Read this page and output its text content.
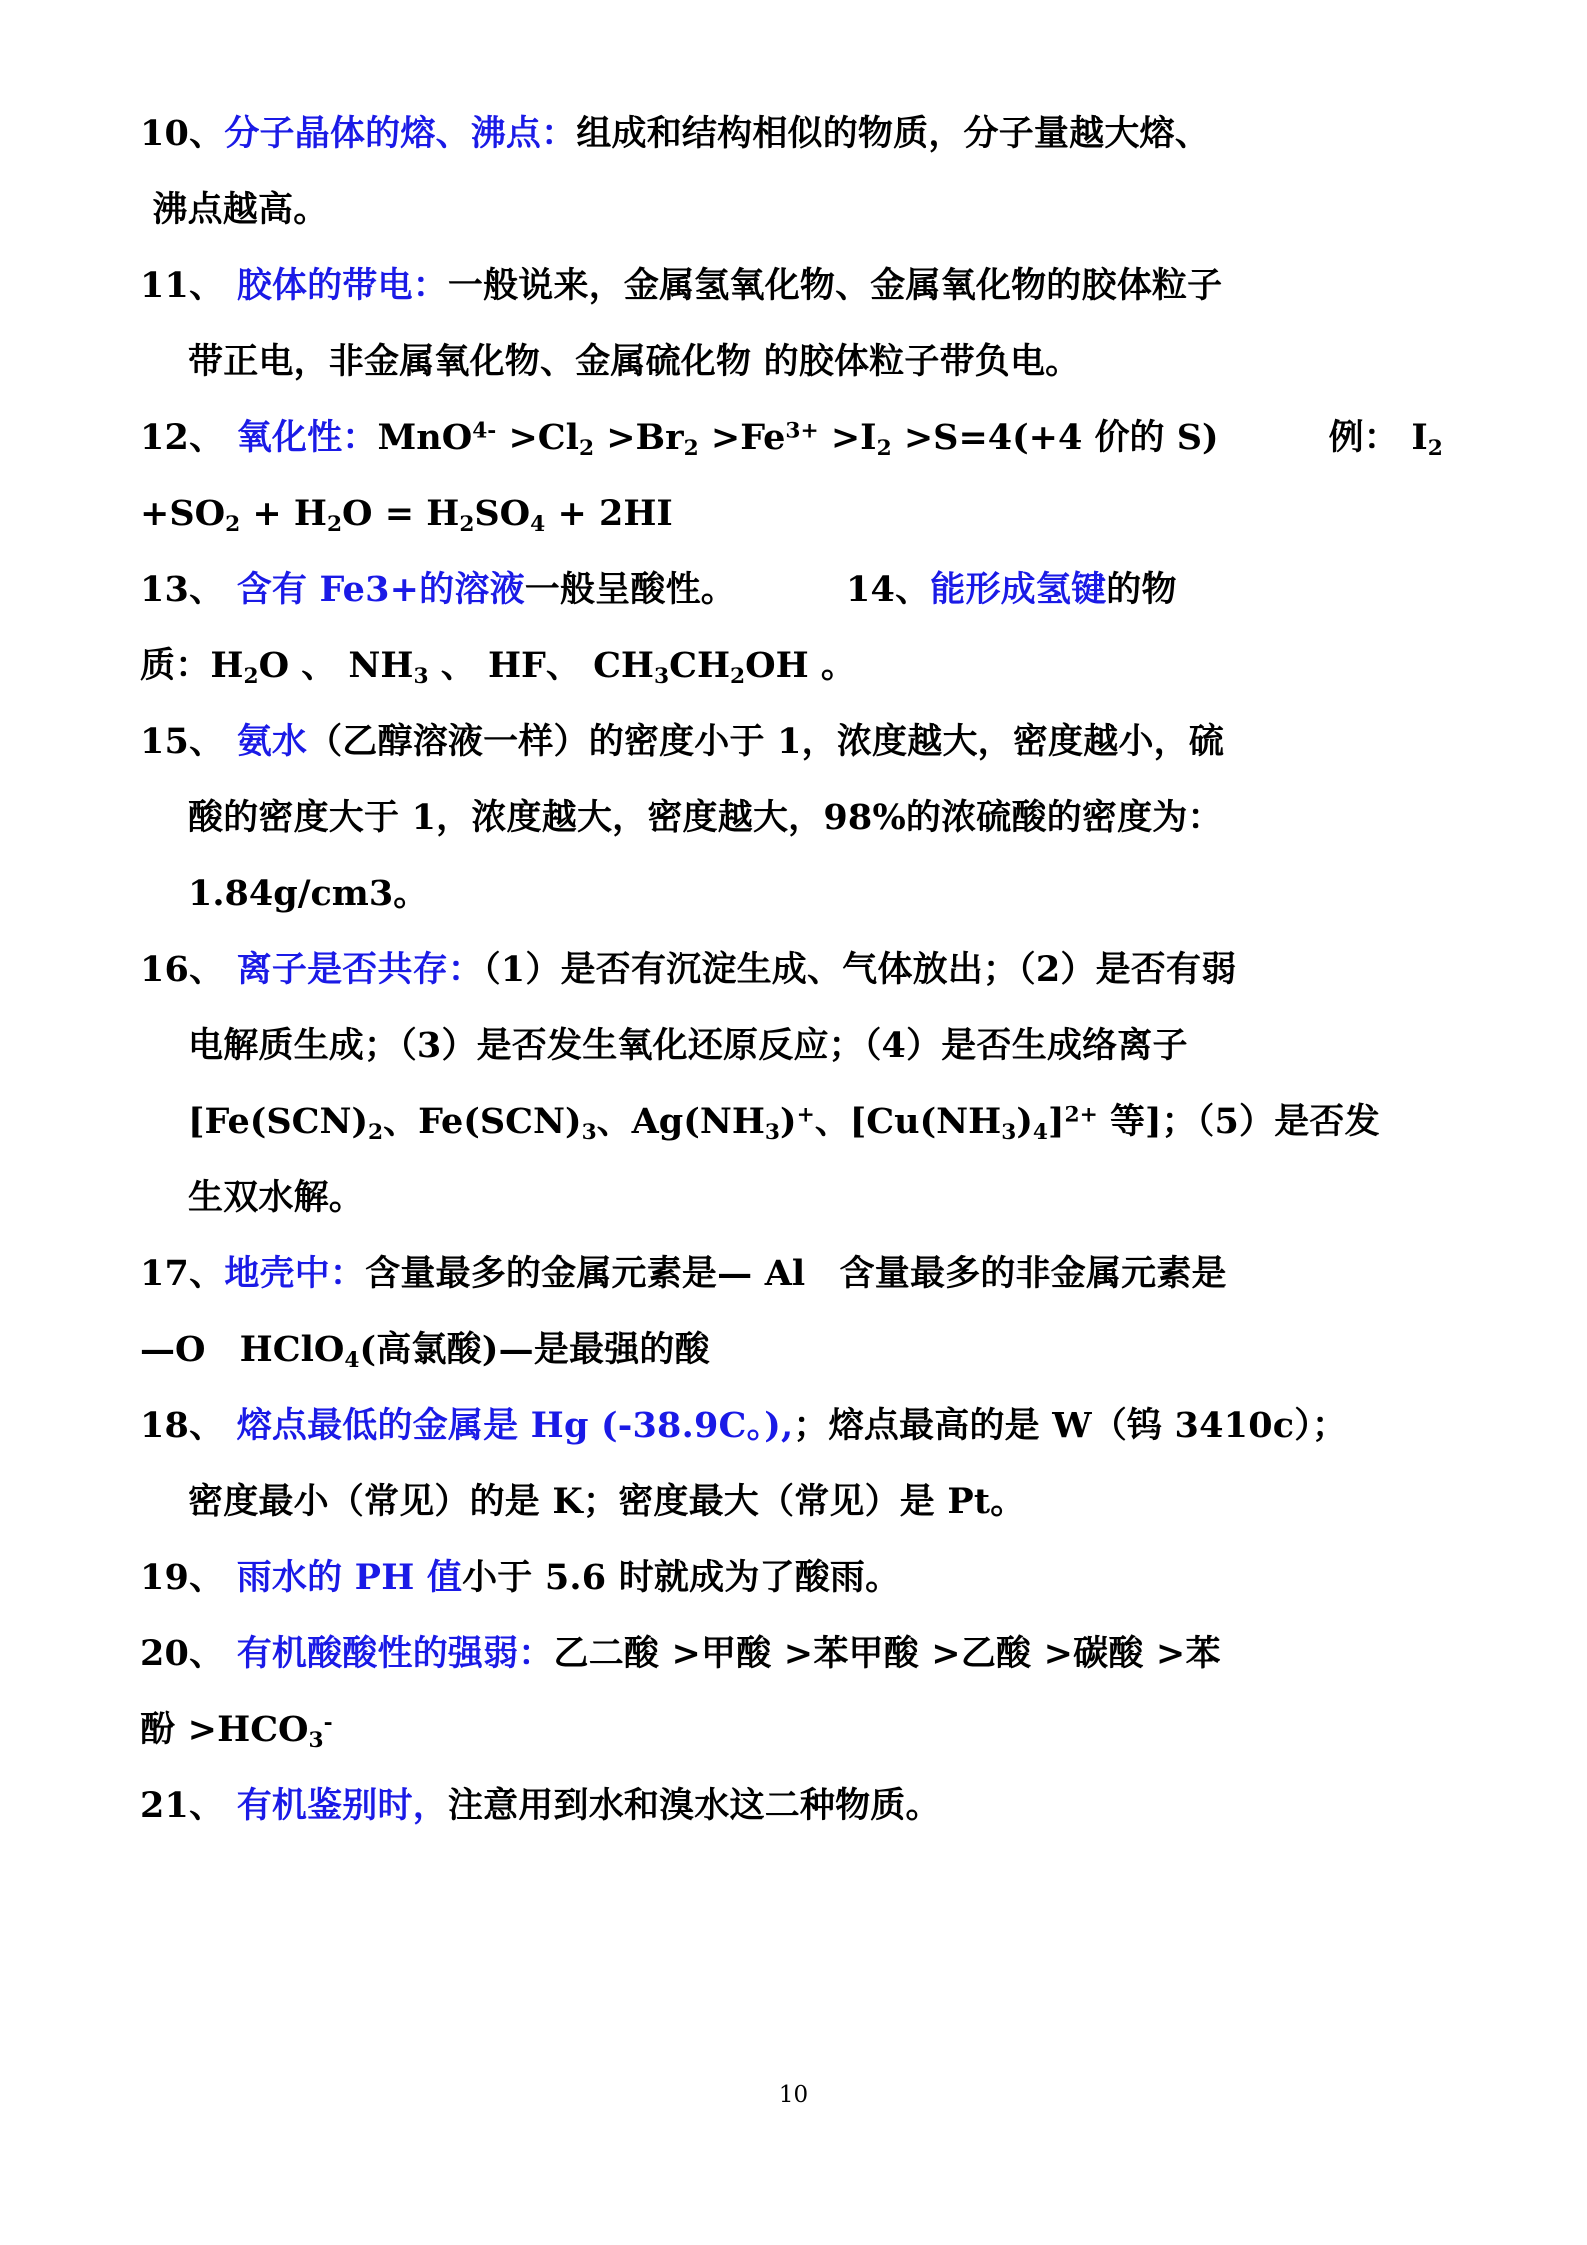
10、分子晶体的熔、沸点：组成和结构相似的物质，分子量越大熔、
沸点越高。
11、 胶体的带电：一般说来，金属氢氧化物、金属氧化物的胶体粒子
带正电，非金属氧化物、金属硫化物 的胶体粒子带负电。
12、 氧化性：$MnO^{4-} >Cl_2 >Br_2 >Fe^{3+} >I_2 >S=4(+4$ 价的 S)	例： $I_2$
$+SO_2 + H_2O = H_2SO_4 + 2HI$
13、 含有 Fe3+的溶液一般呈酸性。	14、能形成氢键的物
质：$H_2O$ 、 $NH_3$ 、 HF、 $CH_3CH_2OH$ 。
15、 氨水（乙醇溶液一样）的密度小于 1，浓度越大，密度越小，硫
酸的密度大于 1，浓度越大，密度越大，98%的浓硫酸的密度为：
1.84g/cm3。
16、 离子是否共存：（1）是否有沉淀生成、气体放出；（2）是否有弱
电解质生成；（3）是否发生氧化还原反应；（4）是否生成络离子
[$Fe(SCN)_2$、$Fe(SCN)_3$、$Ag(NH_3)^+$、$[Cu(NH_3)_4]^{2+}$ 等]；（5）是否发
生双水解。
17、地壳中：含量最多的金属元素是— Al 含量最多的非金属元素是
—O HClO$_4$(高氯酸)—是最强的酸
18、 熔点最低的金属是 Hg (-38.9C。),；熔点最高的是 W（钨 3410c）；
密度最小（常见）的是 K；密度最大（常见）是 Pt。
19、 雨水的 PH 值小于 5.6 时就成为了酸雨。
20、 有机酸酸性的强弱：乙二酸 >甲酸 >苯甲酸 >乙酸 >碳酸 >苯
酚 $>HCO_3^-$
21、 有机鉴别时，注意用到水和溴水这二种物质。
10
